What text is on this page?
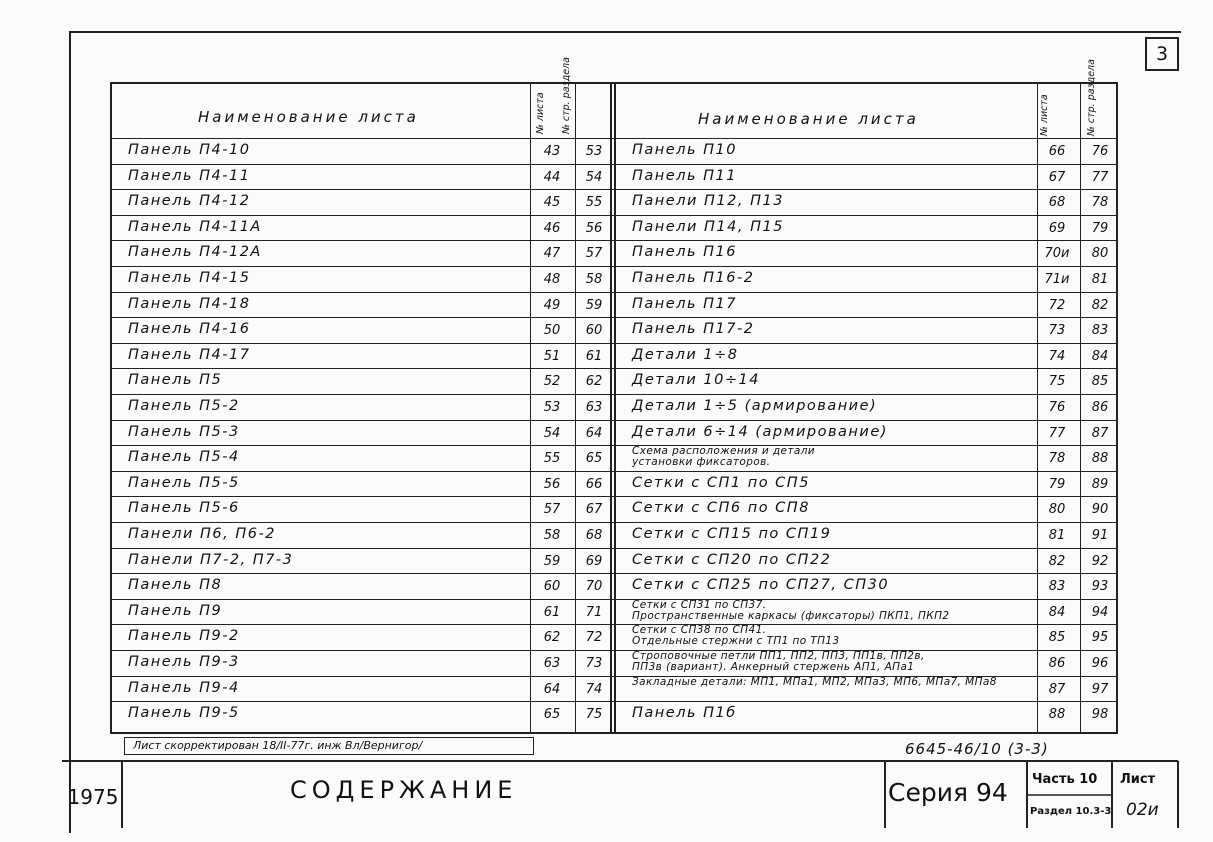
3
Наименование листа	Наименование листа
№ листа № стр. раздела	№ листа	№ стр. раздела
Панель П4-10	43	53
Панель П4-11	44	54
Панель П4-12	45	55
Панель П4-11А	46	56
Панель П4-12А	47	57
Панель П4-15	48	58
Панель П4-18	49	59
Панель П4-16	50	60
Панель П4-17	51	61
Панель П5	52	62
Панель П5-2	53	63
Панель П5-3	54	64
Панель П5-4	55	65
Панель П5-5	56	66
Панель П5-6	57	67
Панели П6, П6-2	58	68
Панели П7-2, П7-3	59	69
Панель П8	60	70
Панель П9	61	71
Панель П9-2	62	72
Панель П9-3	63	73
Панель П9-4	64	74
Панель П9-5	65	75
Панель П10	66	76
Панель П11	67	77
Панели П12, П13	68	78
Панели П14, П15	69	79
Панель П16	70и	80
Панель П16-2	71и	81
Панель П17	72	82
Панель П17-2	73	83
Детали 1÷8	74	84
Детали 10÷14	75	85
Детали 1÷5 (армирование)	76	86
Детали 6÷14 (армирование)	77	87
Схема расположения и детали
установки фиксаторов.	78	88
Сетки с СП1 по СП5	79	89
Сетки с СП6 по СП8	80	90
Сетки с СП15 по СП19	81	91
Сетки с СП20 по СП22	82	92
Сетки с СП25 по СП27, СП30	83	93
Сетки с СП31 по СП37.
Пространственные каркасы (фиксаторы) ПКП1, ПКП2	84	94
Сетки с СП38 по СП41.
Отдельные стержни с ТП1 по ТП13	85	95
Строповочные петли ПП1, ПП2, ПП3, ПП1в, ПП2в,
ПП3в (вариант). Анкерный стержень АП1, АПа1	86	96
Закладные детали: МП1, МПа1, МП2, МПа3, МП6, МПа7, МПа8	87	97
Панель П1б	88	98
Лист скорректирован 18/II-77г. инж Вл/Вернигор/	6645-46/10 (3-3)
1975	СОДЕРЖАНИЕ	Серия 94 Часть 10
Раздел 10.3-3
Лист
02и
